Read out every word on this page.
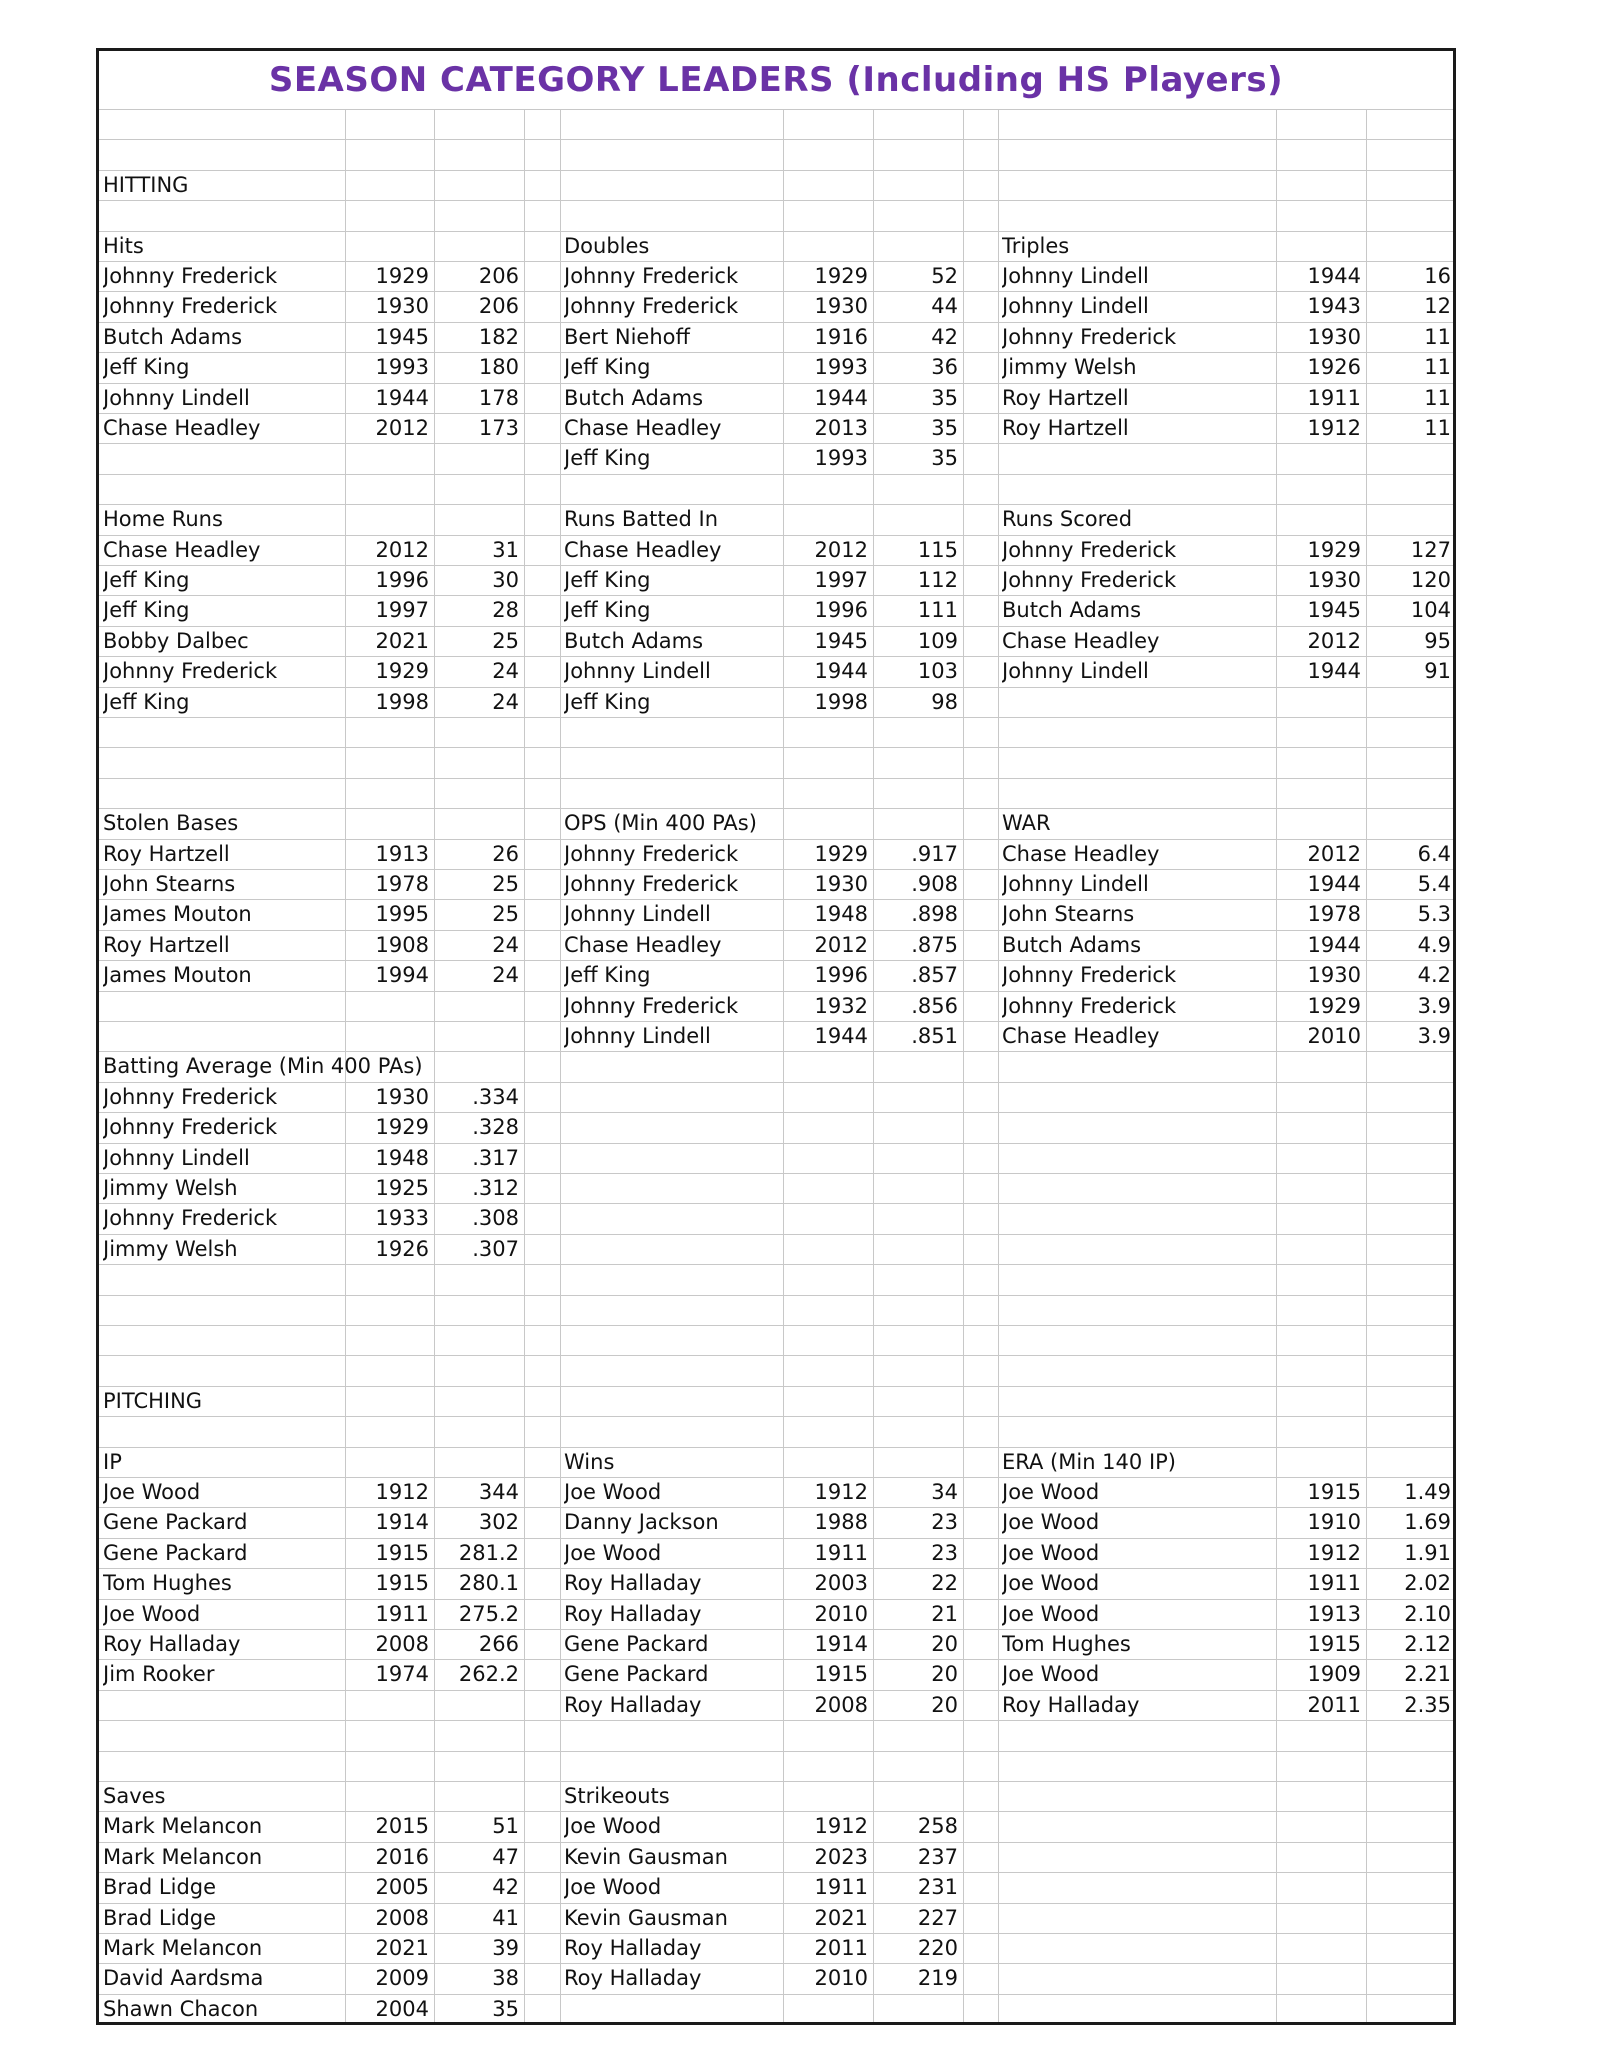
SEASON CATEGORY LEADERS (Including HS Players)
HITTING
PITCHING
Hits
Johnny Frederick	1929	206
Johnny Frederick	1930	206
Butch Adams	1945	182
Jeff King	1993	180
Johnny Lindell	1944	178
Chase Headley	2012	173
Doubles
Johnny Frederick	1929	52
Johnny Frederick	1930	44
Bert Niehoff	1916	42
Jeff King	1993	36
Butch Adams	1944	35
Chase Headley	2013	35
Jeff King	1993	35
Triples
Johnny Lindell	1944	16
Johnny Lindell	1943	12
Johnny Frederick	1930	11
Jimmy Welsh	1926	11
Roy Hartzell	1911	11
Roy Hartzell	1912	11
Home Runs
Chase Headley	2012	31
Jeff King	1996	30
Jeff King	1997	28
Bobby Dalbec	2021	25
Johnny Frederick	1929	24
Jeff King	1998	24
Runs Batted In
Chase Headley	2012	115
Jeff King	1997	112
Jeff King	1996	111
Butch Adams	1945	109
Johnny Lindell	1944	103
Jeff King	1998	98
Runs Scored
Johnny Frederick	1929	127
Johnny Frederick	1930	120
Butch Adams	1945	104
Chase Headley	2012	95
Johnny Lindell	1944	91
Stolen Bases
Roy Hartzell	1913	26
John Stearns	1978	25
James Mouton	1995	25
Roy Hartzell	1908	24
James Mouton	1994	24
OPS (Min 400 PAs)
Johnny Frederick	1929	.917
Johnny Frederick	1930	.908
Johnny Lindell	1948	.898
Chase Headley	2012	.875
Jeff King	1996	.857
Johnny Frederick	1932	.856
Johnny Lindell	1944	.851
WAR
Chase Headley	2012	6.4
Johnny Lindell	1944	5.4
John Stearns	1978	5.3
Butch Adams	1944	4.9
Johnny Frederick	1930	4.2
Johnny Frederick	1929	3.9
Chase Headley	2010	3.9
Batting Average (Min 400 PAs)
Johnny Frederick	1930	.334
Johnny Frederick	1929	.328
Johnny Lindell	1948	.317
Jimmy Welsh	1925	.312
Johnny Frederick	1933	.308
Jimmy Welsh	1926	.307
IP
Joe Wood	1912	344
Gene Packard	1914	302
Gene Packard	1915	281.2
Tom Hughes	1915	280.1
Joe Wood	1911	275.2
Roy Halladay	2008	266
Jim Rooker	1974	262.2
Wins
Joe Wood	1912	34
Danny Jackson	1988	23
Joe Wood	1911	23
Roy Halladay	2003	22
Roy Halladay	2010	21
Gene Packard	1914	20
Gene Packard	1915	20
Roy Halladay	2008	20
ERA (Min 140 IP)
Joe Wood	1915	1.49
Joe Wood	1910	1.69
Joe Wood	1912	1.91
Joe Wood	1911	2.02
Joe Wood	1913	2.10
Tom Hughes	1915	2.12
Joe Wood	1909	2.21
Roy Halladay	2011	2.35
Saves
Mark Melancon	2015	51
Mark Melancon	2016	47
Brad Lidge	2005	42
Brad Lidge	2008	41
Mark Melancon	2021	39
David Aardsma	2009	38
Shawn Chacon	2004	35
Strikeouts
Joe Wood	1912	258
Kevin Gausman	2023	237
Joe Wood	1911	231
Kevin Gausman	2021	227
Roy Halladay	2011	220
Roy Halladay	2010	219
